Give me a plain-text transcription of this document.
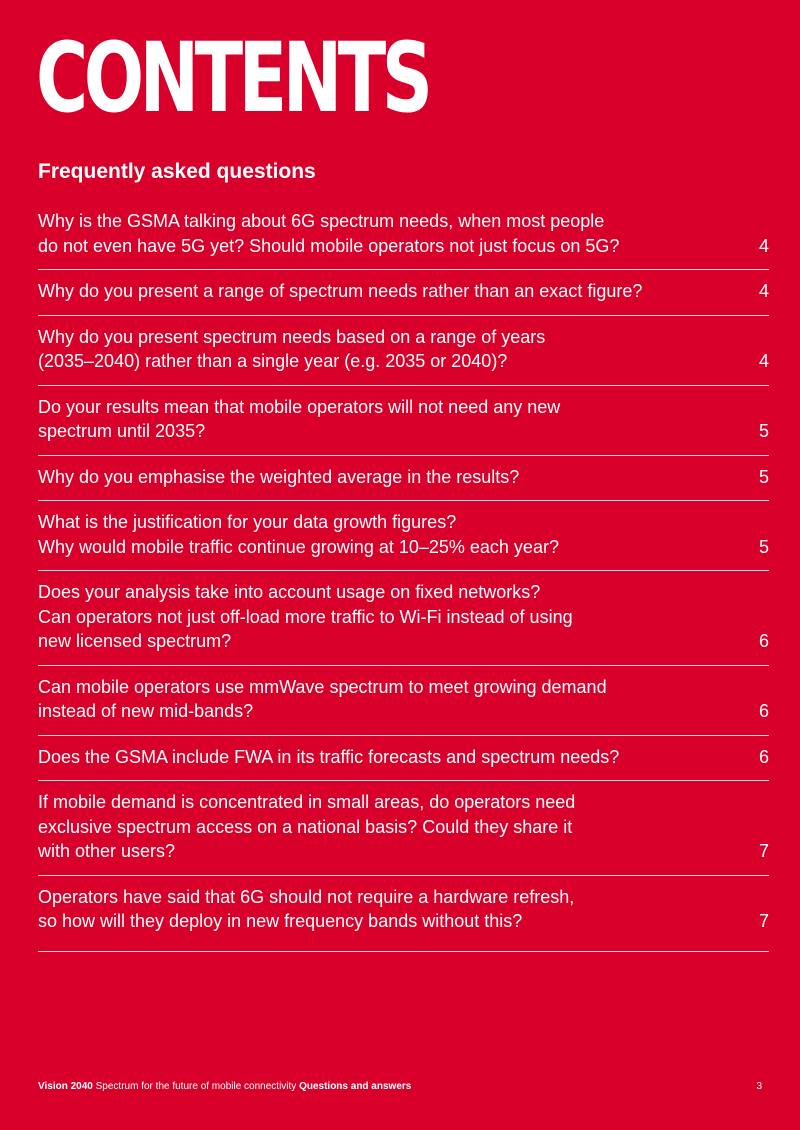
CONTENTS
Frequently asked questions
Why is the GSMA talking about 6G spectrum needs, when most people
do not even have 5G yet? Should mobile operators not just focus on 5G?	4
Why do you present a range of spectrum needs rather than an exact figure?	4
Why do you present spectrum needs based on a range of years
(2035–2040) rather than a single year (e.g. 2035 or 2040)?	4
Do your results mean that mobile operators will not need any new
spectrum until 2035?	5
Why do you emphasise the weighted average in the results?	5
What is the justification for your data growth figures?
Why would mobile traffic continue growing at 10–25% each year?	5
Does your analysis take into account usage on fixed networks?
Can operators not just off-load more traffic to Wi-Fi instead of using
new licensed spectrum?	6
Can mobile operators use mmWave spectrum to meet growing demand
instead of new mid-bands?	6
Does the GSMA include FWA in its traffic forecasts and spectrum needs?	6
If mobile demand is concentrated in small areas, do operators need
exclusive spectrum access on a national basis? Could they share it
with other users?	7
Operators have said that 6G should not require a hardware refresh,
so how will they deploy in new frequency bands without this?	7
Vision 2040 Spectrum for the future of mobile connectivity Questions and answers	3
